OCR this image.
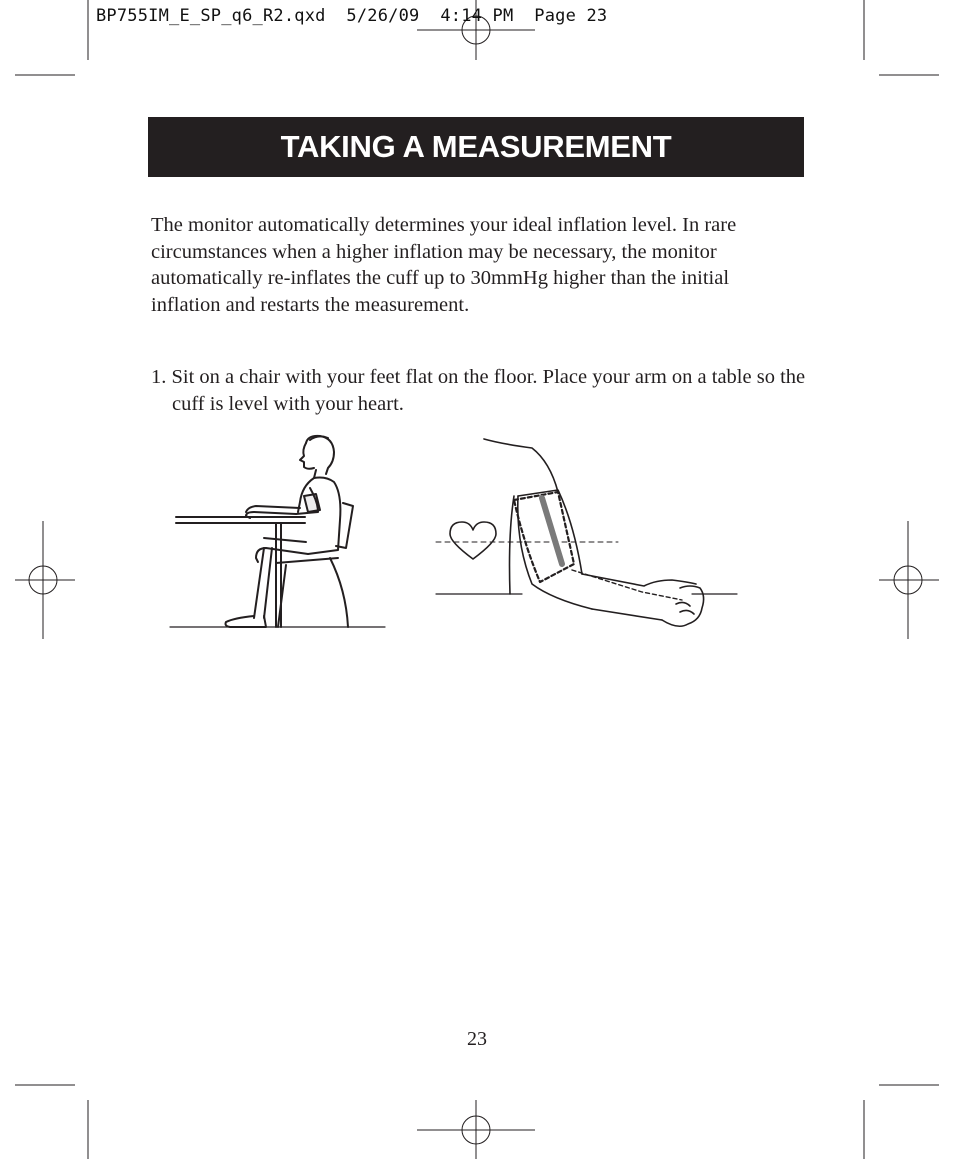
BP755IM_E_SP_q6_R2.qxd  5/26/09  4:14 PM  Page 23
TAKING A MEASUREMENT

The monitor automatically determines your ideal inflation level. In rare circumstances when a higher inflation may be necessary, the monitor automatically re-inflates the cuff up to 30mmHg higher than the initial inflation and restarts the measurement.

1. Sit on a chair with your feet flat on the floor. Place your arm on a table so the cuff is level with your heart.

23
